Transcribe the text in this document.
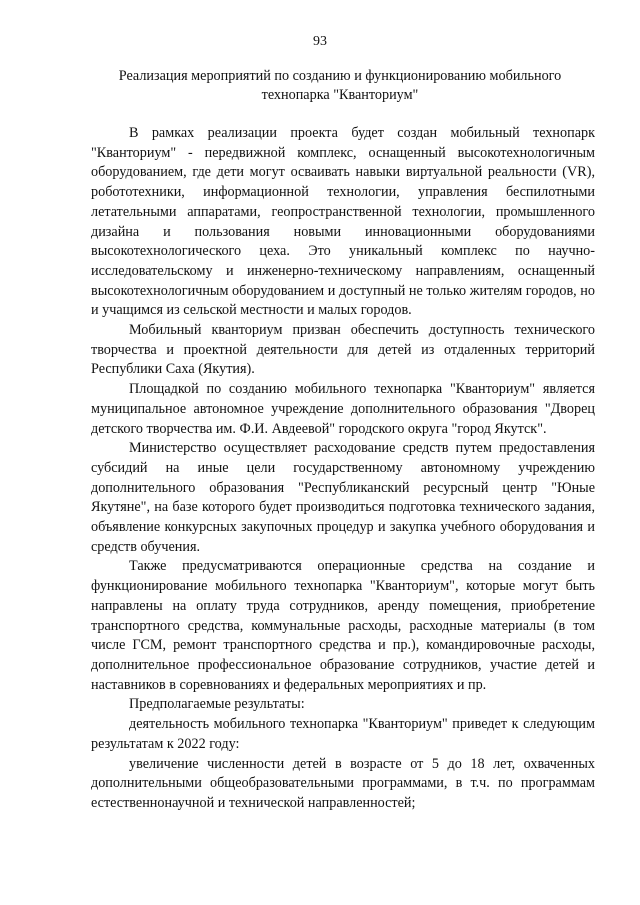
93
Реализация мероприятий по созданию и функционированию мобильного технопарка "Кванториум"

В рамках реализации проекта будет создан мобильный технопарк "Кванториум" - передвижной комплекс, оснащенный высокотехнологичным оборудованием, где дети могут осваивать навыки виртуальной реальности (VR), робототехники, информационной технологии, управления беспилотными летательными аппаратами, геопространственной технологии, промышленного дизайна и пользования новыми инновационными оборудованиями высокотехнологического цеха. Это уникальный комплекс по научно-исследовательскому и инженерно-техническому направлениям, оснащенный высокотехнологичным оборудованием и доступный не только жителям городов, но и учащимся из сельской местности и малых городов.

Мобильный кванториум призван обеспечить доступность технического творчества и проектной деятельности для детей из отдаленных территорий Республики Саха (Якутия).

Площадкой по созданию мобильного технопарка "Кванториум" является муниципальное автономное учреждение дополнительного образования "Дворец детского творчества им. Ф.И. Авдеевой" городского округа "город Якутск".

Министерство осуществляет расходование средств путем предоставления субсидий на иные цели государственному автономному учреждению дополнительного образования "Республиканский ресурсный центр "Юные Якутяне", на базе которого будет производиться подготовка технического задания, объявление конкурсных закупочных процедур и закупка учебного оборудования и средств обучения.

Также предусматриваются операционные средства на создание и функционирование мобильного технопарка "Кванториум", которые могут быть направлены на оплату труда сотрудников, аренду помещения, приобретение транспортного средства, коммунальные расходы, расходные материалы (в том числе ГСМ, ремонт транспортного средства и пр.), командировочные расходы, дополнительное профессиональное образование сотрудников, участие детей и наставников в соревнованиях и федеральных мероприятиях и пр.

Предполагаемые результаты:

деятельность мобильного технопарка "Кванториум" приведет к следующим результатам к 2022 году:

увеличение численности детей в возрасте от 5 до 18 лет, охваченных дополнительными общеобразовательными программами, в т.ч. по программам естественнонаучной и технической направленностей;
